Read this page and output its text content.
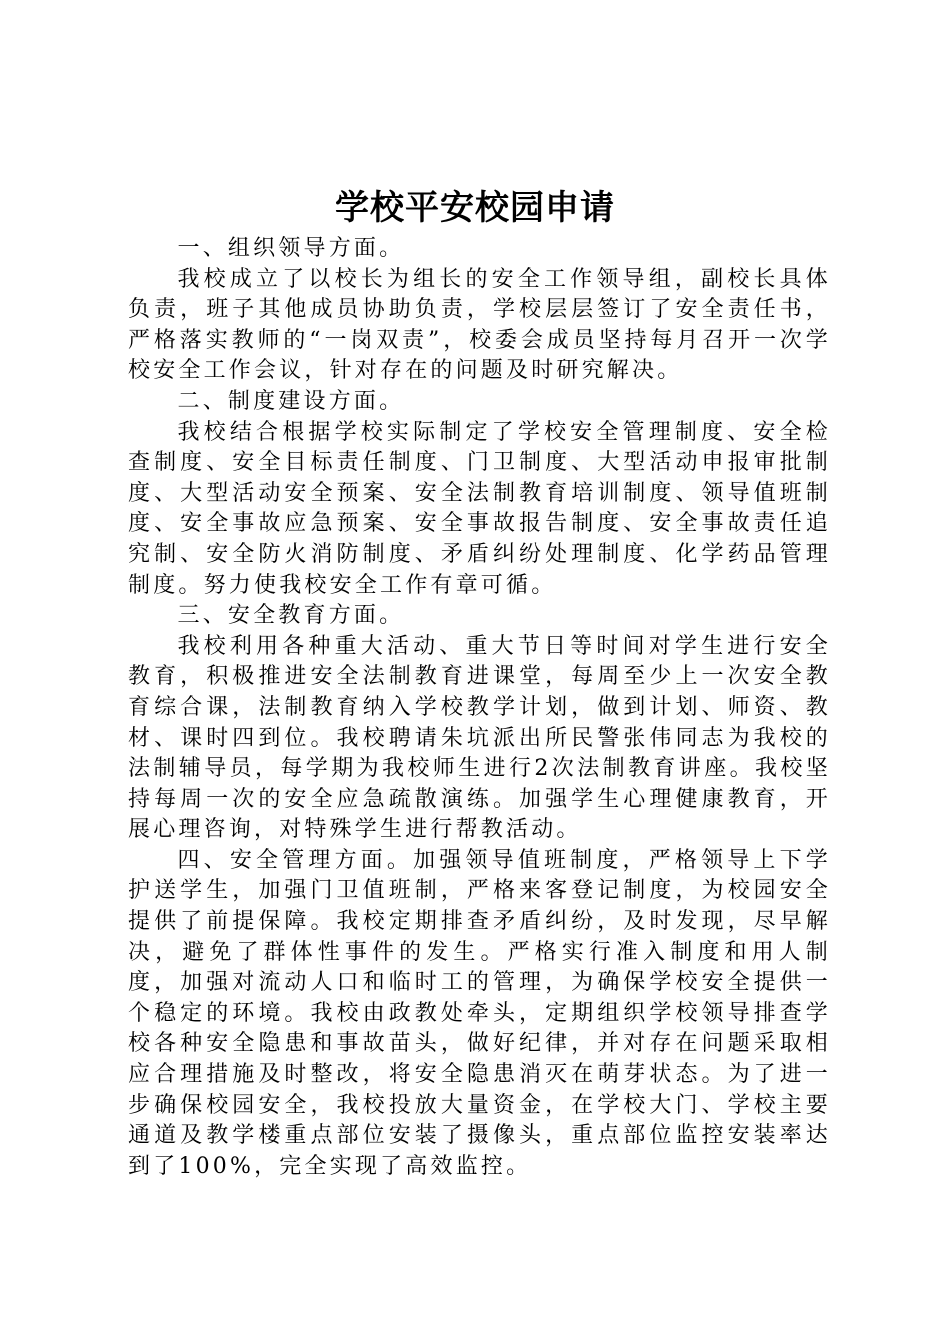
学校平安校园申请

一、组织领导方面。

我校成立了以校长为组长的安全工作领导组，副校长具体负责，班子其他成员协助负责，学校层层签订了安全责任书，严格落实教师的“一岗双责”，校委会成员坚持每月召开一次学校安全工作会议，针对存在的问题及时研究解决。

二、制度建设方面。

我校结合根据学校实际制定了学校安全管理制度、安全检查制度、安全目标责任制度、门卫制度、大型活动申报审批制度、大型活动安全预案、安全法制教育培训制度、领导值班制度、安全事故应急预案、安全事故报告制度、安全事故责任追究制、安全防火消防制度、矛盾纠纷处理制度、化学药品管理制度。努力使我校安全工作有章可循。

三、安全教育方面。

我校利用各种重大活动、重大节日等时间对学生进行安全教育，积极推进安全法制教育进课堂，每周至少上一次安全教育综合课，法制教育纳入学校教学计划，做到计划、师资、教材、课时四到位。我校聘请朱坑派出所民警张伟同志为我校的法制辅导员，每学期为我校师生进行2次法制教育讲座。我校坚持每周一次的安全应急疏散演练。加强学生心理健康教育，开展心理咨询，对特殊学生进行帮教活动。

四、安全管理方面。加强领导值班制度，严格领导上下学护送学生，加强门卫值班制，严格来客登记制度，为校园安全提供了前提保障。我校定期排查矛盾纠纷，及时发现，尽早解决，避免了群体性事件的发生。严格实行准入制度和用人制度，加强对流动人口和临时工的管理，为确保学校安全提供一个稳定的环境。我校由政教处牵头，定期组织学校领导排查学校各种安全隐患和事故苗头，做好纪律，并对存在问题采取相应合理措施及时整改，将安全隐患消灭在萌芽状态。为了进一步确保校园安全，我校投放大量资金，在学校大门、学校主要通道及教学楼重点部位安装了摄像头，重点部位监控安装率达到了100%，完全实现了高效监控。
